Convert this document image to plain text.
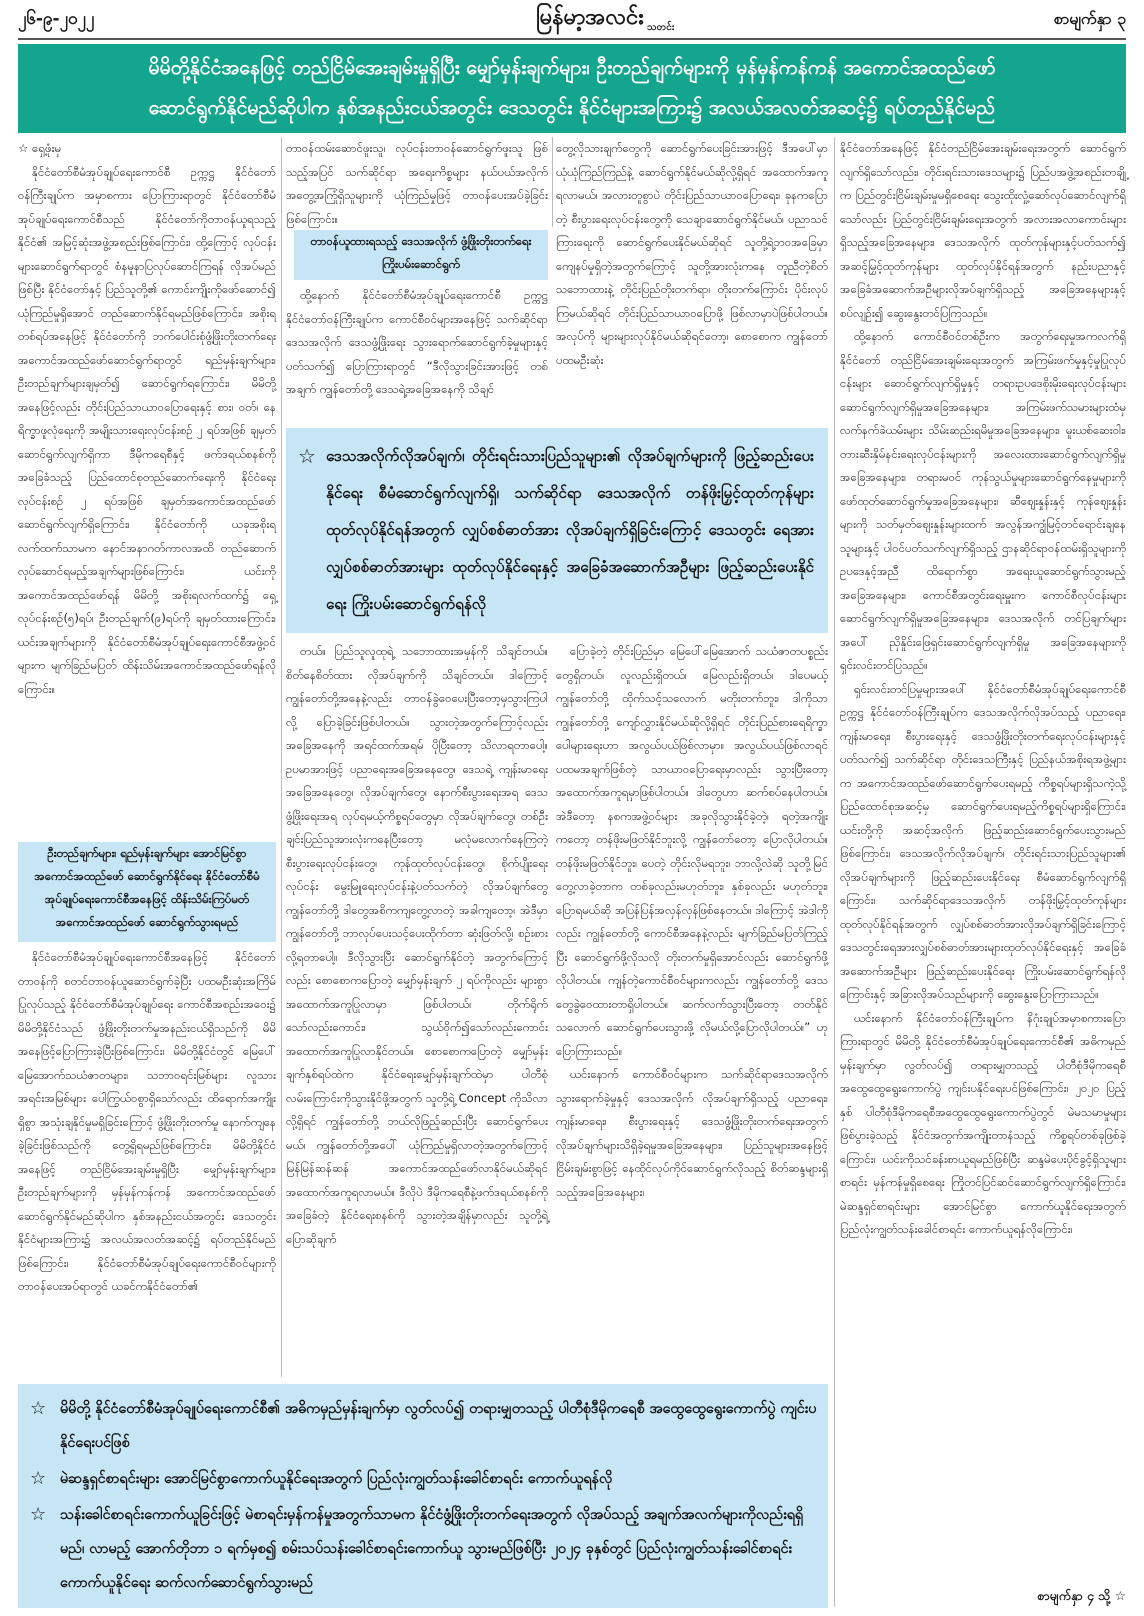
၂၆-၉-၂၀၂၂	မြန်မာ့အလင်း သတင်း	စာမျက်နှာ ၃
မိမိတို့နိုင်ငံအနေဖြင့် တည်ငြိမ်အေးချမ်းမှုရှိပြီး မျှော်မှန်းချက်များ၊ ဦးတည်ချက်များကို မှန်မှန်ကန်ကန် အကောင်အထည်ဖော်
ဆောင်ရွက်နိုင်မည်ဆိုပါက နှစ်အနည်းငယ်အတွင်း ဒေသတွင်း နိုင်ငံများအကြား၌ အလယ်အလတ်အဆင့်၌ ရပ်တည်နိုင်မည်

☆ ရှေ့ဖုံးမှ

နိုင်ငံတော်စီမံအုပ်ချုပ်ရေးကောင်စီ ဥက္ကဋ္ဌ နိုင်ငံတော်ဝန်ကြီးချုပ်က အမှာစကား ပြောကြားရာတွင် နိုင်ငံတော်စီမံအုပ်ချုပ်ရေးကောင်စီသည် နိုင်ငံတော်ကိုတာဝန်ယူရသည့် နိုင်ငံ၏ အမြင့်ဆုံးအဖွဲ့အစည်းဖြစ်ကြောင်း၊ ထို့ကြောင့် လုပ်ငန်းများဆောင်ရွက်ရာတွင် စံနမူနာပြလုပ်ဆောင်ကြရန် လိုအပ်မည်ဖြစ်ပြီး နိုင်ငံတော်နှင့် ပြည်သူတို့၏ ကောင်းကျိုးကိုဖော်ဆောင်၍ ယုံကြည်မှုရှိအောင် တည်ဆောက်နိုင်ရမည်ဖြစ်ကြောင်း၊ အစိုးရတစ်ရပ်အနေဖြင့် နိုင်ငံတော်ကို ဘက်ပေါင်းစုံဖွံ့ဖြိုးတိုးတက်ရေး အကောင်အထည်ဖော်ဆောင်ရွက်ရာတွင် ရည်မှန်းချက်များ၊ ဦးတည်ချက်များချမှတ်၍ ဆောင်ရွက်ရကြောင်း၊ မိမိတို့အနေဖြင့်လည်း တိုင်းပြည်သာယာဝပြောရေးနှင့် စား၊ ဝတ်၊ နေ ရိက္ခာဖူလုံရေးကို အမျိုးသားရေးလုပ်ငန်းစဉ် ၂ ရပ်အဖြစ် ချမှတ်ဆောင်ရွက်လျက်ရှိကာ ဒီမိုကရေစီနှင့် ဖက်ဒရယ်စနစ်ကို အခြေခံသည့် ပြည်ထောင်စုတည်ဆောက်ရေးကို နိုင်ငံရေးလုပ်ငန်းစဉ် ၂ ရပ်အဖြစ် ချမှတ်အကောင်အထည်ဖော်ဆောင်ရွက်လျက်ရှိကြောင်း၊ နိုင်ငံတော်ကို ယခုအစိုးရလက်ထက်သာမက နောင်အနာဂတ်ကာလအထိ တည်ဆောက်လုပ်ဆောင်ရမည့်အချက်များဖြစ်ကြောင်း၊ ယင်းကိုအကောင်အထည်ဖော်ရန် မိမိတို့ အစိုးရလက်ထက်၌ ရှေ့လုပ်ငန်းစဉ်(၅)ရပ်၊ ဦးတည်ချက်(၉)ရပ်ကို ချမှတ်ထားကြောင်း၊ ယင်းအချက်များကို နိုင်ငံတော်စီမံအုပ်ချုပ်ရေးကောင်စီအဖွဲ့ဝင်များက မျက်ခြည်မပြတ် ထိန်းသိမ်းအကောင်အထည်ဖော်ရန်လိုကြောင်း။

ဦးတည်ချက်များ၊ ရည်မှန်းချက်များ အောင်မြင်စွာ အကောင်အထည်ဖော် ဆောင်ရွက်နိုင်ရေး နိုင်ငံတော်စီမံအုပ်ချုပ်ရေးကောင်စီအနေဖြင့် ထိန်းသိမ်းကြပ်မတ် အကောင်အထည်ဖော် ဆောင်ရွက်သွားရမည်

နိုင်ငံတော်စီမံအုပ်ချုပ်ရေးကောင်စီအနေဖြင့် နိုင်ငံတော်တာဝန်ကို စတင်တာဝန်ယူဆောင်ရွက်ခဲ့ပြီး ပထမဦးဆုံးအကြိမ်ပြုလုပ်သည့် နိုင်ငံတော်စီမံအုပ်ချုပ်ရေး ကောင်စီအစည်းအဝေး၌ မိမိတို့နိုင်ငံသည် ဖွံ့ဖြိုးတိုးတက်မှုအနည်းငယ်ရှိသည်ကို မိမိအနေဖြင့်ပြောကြားခဲ့ပြီးဖြစ်ကြောင်း၊ မိမိတို့နိုင်ငံတွင် မြေပေါ်မြေအောက်သယံဇာတများ၊ သဘာဝရင်းမြစ်များ လူသားအရင်းအမြစ်များ ပေါကြွယ်ဝစွာရှိသော်လည်း ထိရောက်အကျိုးရှိစွာ အသုံးချနိုင်မှုမရှိခြင်းကြောင့် ဖွံ့ဖြိုးတိုးတက်မှု နောက်ကျနေခဲ့ခြင်းဖြစ်သည်ကို တွေ့ရှိရမည်ဖြစ်ကြောင်း၊ မိမိတို့နိုင်ငံအနေဖြင့် တည်ငြိမ်အေးချမ်းမှုရှိပြီး မျှော်မှန်းချက်များ၊ ဦးတည်ချက်များကို မှန်မှန်ကန်ကန် အကောင်အထည်ဖော် ဆောင်ရွက်နိုင်မည်ဆိုပါက နှစ်အနည်းငယ်အတွင်း ဒေသတွင်း နိုင်ငံများအကြား၌ အလယ်အလတ်အဆင့်၌ ရပ်တည်နိုင်မည်ဖြစ်ကြောင်း၊ နိုင်ငံတော်စီမံအုပ်ချုပ်ရေးကောင်စီဝင်များကို တာဝန်ပေးအပ်ရာတွင် ယခင်ကနိုင်ငံတော်၏

တာဝန်ထမ်းဆောင်ဖူးသူ၊ လုပ်ငန်းတာဝန်ဆောင်ရွက်ဖူးသူ ဖြစ်သည့်အပြင် သက်ဆိုင်ရာ အရေးကိစ္စများ နယ်ပယ်အလိုက် အတွေ့အကြုံရှိသူများကို ယုံကြည်မှုဖြင့် တာဝန်ပေးအပ်ခဲ့ခြင်းဖြစ်ကြောင်း။

တာဝန်ယူထားရသည့် ဒေသအလိုက် ဖွံ့ဖြိုးတိုးတက်ရေး ကြိုးပမ်းဆောင်ရွက်

ထို့နောက် နိုင်ငံတော်စီမံအုပ်ချုပ်ရေးကောင်စီ ဥက္ကဋ္ဌ နိုင်ငံတော်ဝန်ကြီးချုပ်က ကောင်စီဝင်များအနေဖြင့် သက်ဆိုင်ရာဒေသအလိုက် ဒေသဖွံ့ဖြိုးရေး သွားရောက်ဆောင်ရွက်ခဲ့မှုများနှင့် ပတ်သက်၍ ပြောကြားရာတွင် “ဒီလိုသွားခြင်းအားဖြင့် တစ်အချက် ကျွန်တော်တို့ ဒေသရဲ့အခြေအနေကို သိချင်

တွေ့လိုသားချက်တွေကို ဆောင်ရွက်ပေးခြင်းအားဖြင့် ဒီအပေါ်မှာ ယုံယုံကြည်ကြည်နဲ့ ဆောင်ရွက်နိုင်မယ်ဆိုလို့ရှိရင် အထောက်အကူရလာမယ်၊ အလားတူစွာပဲ တိုင်းပြည်သာယာဝပြောရေး၊ ခုနကပြောတဲ့ စီးပွားရေးလုပ်ငန်းတွေကို သေချာဆောင်ရွက်နိုင်မယ်၊ ပညာသင်ကြားရေးကို ဆောင်ရွက်ပေးနိုင်မယ်ဆိုရင် သူတို့ရဲ့ဘဝအခြေမှာ ကျေနပ်မှုရှိတဲ့အတွက်ကြောင့် သူတို့အားလုံးကနေ တူညီတဲ့စိတ် သဘောထားနဲ့ တိုင်းပြည်တိုးတက်ရာ၊ တိုးတက်ကြောင်း ပိုင်းလုပ်ကြမယ်ဆိုရင် တိုင်းပြည်သာယာဝပြောဖို့ ဖြစ်လာမှာပဲဖြစ်ပါတယ်။ အလုပ်ကို များများလုပ်နိုင်မယ်ဆိုရင်တော့၊ စောစောက ကျွန်တော်ပထမဦးဆုံး

☆ ဒေသအလိုက်လိုအပ်ချက်၊ တိုင်းရင်းသားပြည်သူများ၏ လိုအပ်ချက်များကို ဖြည့်ဆည်းပေးနိုင်ရေး စီမံဆောင်ရွက်လျက်ရှိ၊ သက်ဆိုင်ရာ ဒေသအလိုက် တန်ဖိုးမြှင့်ထုတ်ကုန်များ ထုတ်လုပ်နိုင်ရန်အတွက် လျှပ်စစ်ဓာတ်အား လိုအပ်ချက်ရှိခြင်းကြောင့် ဒေသတွင်း ရေအားလျှပ်စစ်ဓာတ်အားများ ထုတ်လုပ်နိုင်ရေးနှင့် အခြေခံအဆောက်အဦများ ဖြည့်ဆည်းပေးနိုင်ရေး ကြိုးပမ်းဆောင်ရွက်ရန်လို

တယ်။ ပြည်သူလူထုရဲ့ သဘောထားအမှန်ကို သိချင်တယ်။ စိတ်နေစိတ်ထား လိုအပ်ချက်ကို သိချင်တယ်။ ဒါကြောင့် ကျွန်တော်တို့အနေနဲ့လည်း တာဝန်ခွဲဝေပေးပြီးတော့မှသွားကြပါလို့ ပြောခဲ့ခြင်းဖြစ်ပါတယ်။ သွားတဲ့အတွက်ကြောင့်လည်း အခြေအနေကို အရင်ထက်အရမ် ပိုပြီးတော့ သိလာရတာပေါ့။ ဥပမာအားဖြင့် ပညာရေးအခြေအနေတွေ၊ ဒေသရဲ့ ကျန်းမာရေးအခြေအနေတွေ၊ လိုအပ်ချက်တွေ၊ နောက်စီးပွားရေးအရ ဒေသဖွံ့ဖြိုးရေးအရ လုပ်ရမယ့်ကိစ္စရပ်တွေမှာ လိုအပ်ချက်တွေ၊ တစ်ဦးချင်းပြည်သူအားလုံးကနေပြီးတော့ မလုံမလောက်နေကြတဲ့ စီးပွားရေးလုပ်ငန်းတွေ၊ ကုန်ထုတ်လုပ်ငန်းတွေ၊ စိုက်ပျိုးရေးလုပ်ငန်း မွေးမြူရေးလုပ်ငန်းနဲ့ပတ်သက်တဲ့ လိုအပ်ချက်တွေကျွန်တော်တို့ ဒါတွေအစိကကျတွေ့လာတဲ့ အခါကျတော့၊ အဲဒီမှာ ကျွန်တော်တို့ ဘာလုပ်ပေးသင့်ပေးထိုက်တာ ဆုံးဖြတ်လို့၊ စဉ်းစားလို့ရတာပေါ့။ ဒီလိုသွားပြီး ဆောင်ရွက်နိုင်တဲ့ အတွက်ကြောင့်လည်း စောစောကပြောတဲ့ မျှော်မှန်းချက် ၂ ရပ်ကိုလည်း များစွာ အထောက်အကူပြုလာမှာ ဖြစ်ပါတယ်၊ တိုက်ရိုက်သော်လည်းကောင်း၊ သွယ်ဝိုက်၍သော်လည်းကောင်း အထောက်အကူပြုလာနိုင်တယ်။ စောစောကပြောတဲ့ မျှော်မှန်းချက်နှစ်ရပ်ထဲက နိုင်ငံရေးမျှော်မှန်းချက်ထဲမှာ ပါတီစုံလမ်းကြောင်းကိုသွားနိုင်ဖို့အတွက် သူတို့ရဲ့ Concept ကိုသိလာလို့ရှိရင် ကျွန်တော်တို့ ဘယ်လိုဖြည့်ဆည်းပြီး ဆောင်ရွက်ပေးမယ်၊ ကျွန်တော်တို့အပေါ် ယုံကြည်မှုရှိလာတဲ့အတွက်ကြောင့် မြန်မြန်ဆန်ဆန် အကောင်အထည်ဖော်လာနိုင်မယ်ဆိုရင် အထောက်အကူရလာမယ်။ ဒီလိုပဲ ဒီမိုကရေစီနဲ့ဖက်ဒရယ်စနစ်ကိုအခြေခံတဲ့ နိုင်ငံရေးစနစ်ကို သွားတဲ့အချိန်မှာလည်း သူတို့ရဲ့ပြောဆိုချက်

ပြောခဲ့တဲ့ တိုင်းပြည်မှာ မြေပေါ်မြေအောက် သယံဇာတပစ္စည်းတွေရှိတယ်၊ လူလည်းရှိတယ်၊ မြေလည်းရှိတယ်၊ ဒါပေမယ့် ကျွန်တော်တို့ ထိုက်သင့်သလောက် မတိုးတက်ဘူး၊ ဒါကိုသာကျွန်တော်တို့ ကျော်လွှားနိုင်မယ်ဆိုလို့ရှိရင် တိုင်းပြည်စားရေရိက္ခာပေါများရေးဟာ အလွယ်ပယ်ဖြစ်လာမှာ။ အလွယ်ပယ်ဖြစ်လာရင် ပထမအချက်ဖြစ်တဲ့ သာယာဝပြောရေးမှာလည်း သွားပြီးတော့ အထောက်အကူရမှာဖြစ်ပါတယ်။ ဒါတွေဟာ ဆက်စပ်နေပါတယ်။ အဲဒီတော့ နစကအဖွဲ့ဝင်များ အခုလိုသွားနိုင်ခဲ့တဲ့၊ ရတဲ့အကျိုးကတော့ တန်ဖိုးမဖြတ်နိုင်ဘူးလို့ ကျွန်တော်တော့ ပြောလိုပါတယ်။ တန်ဖိုးမဖြတ်နိုင်ဘူး၊ ပေတဲ့ တိုင်းလိုမရဘူး၊ ဘာလို့လဲဆို သူတို့မြင်တွေ့လာခဲ့တာက တစ်ခုလည်းမဟုတ်ဘူး၊ နှစ်ခုလည်း မဟုတ်ဘူး၊ ပြောရမယ်ဆို အပြန်ပြန်အလှန်လှန်ဖြစ်နေတယ်။ ဒါကြောင့် အဲဒါကိုလည်း ကျွန်တော်တို့ ကောင်စီအနေနဲ့လည်း မျက်ခြည်မပြတ်ကြည့်ပြီး ဆောင်ရွက်ဖို့လိုသလို တိုးတက်မှုရှိအောင်လည်း ဆောင်ရွက်ဖို့လိုပါတယ်။ ကျန်တဲ့ကောင်စီဝင်များကလည်း ကျွန်တော်တို့ ဒေသတွေခွဲဝေထားတာရှိပါတယ်။ ဆက်လက်သွားပြီးတော့ တတ်နိုင်သလောက် ဆောင်ရွက်ပေးသွားဖို့ လိုမယ်လို့ပြောလိုပါတယ်။” ဟုပြောကြားသည်။

ယင်းနောက် ကောင်စီဝင်များက သက်ဆိုင်ရာဒေသအလိုက် သွားရောက်ခဲ့မှုနှင့် ဒေသအလိုက် လိုအပ်ချက်ရှိသည့် ပညာရေး၊ ကျန်းမာရေး၊ စီးပွားရေးနှင့် ဒေသဖွံ့ဖြိုးတိုးတက်ရေးအတွက် လိုအပ်ချက်များသိရှိခဲ့ရမှုအခြေအနေများ၊ ပြည်သူများအနေဖြင့် ငြိမ်းချမ်းစွာဖြင့် နေထိုင်လုပ်ကိုင်ဆောင်ရွက်လိုသည့် စိတ်ဆန္ဒများရှိသည့်အခြေအနေများ၊

နိုင်ငံတော်အနေဖြင့် နိုင်ငံတည်ငြိမ်အေးချမ်းရေးအတွက် ဆောင်ရွက်လျက်ရှိသော်လည်း၊ တိုင်းရင်းသားဒေသများ၌ ပြည်ပအဖွဲ့အစည်းတချို့က ပြည်တွင်းငြိမ်းချမ်းမှုမရှိစေရေး သွေးထိုးလှုံ့ဆော်လုပ်ဆောင်လျက်ရှိသော်လည်း ပြည်တွင်းငြိမ်းချမ်းရေးအတွက် အလားအလာကောင်းများရှိသည့်အခြေအနေများ၊ ဒေသအလိုက် ထုတ်ကုန်များနှင့်ပတ်သက်၍ အဆင့်မြှင့်ထုတ်ကုန်များ ထုတ်လုပ်နိုင်ရန်အတွက် နည်းပညာနှင့် အခြေခံအဆောက်အဦများလိုအပ်ချက်ရှိသည့် အခြေအနေများနှင့်စပ်လျဉ်း၍ ဆွေးနွေးတင်ပြကြသည်။

ထို့နောက် ကောင်စီဝင်တစ်ဦးက အတွက်ရေးမှုအကလက်ရှိနိုင်ငံတော် တည်ငြိမ်အေးချမ်းရေးအတွက် အကြမ်းဖက်မှုနှင့်မှုပြုလုပ်ငန်းများ ဆောင်ရွက်လျက်ရှိမှုနှင့် တရားဥပဒေစိုးမိုးရေးလုပ်ငန်းများ ဆောင်ရွက်လျက်ရှိမှုအခြေအနေများ၊ အကြမ်းဖက်သမားများထံမှ လက်နက်ခဲယမ်းများ သိမ်းဆည်းရမိမှုအခြေအနေများ၊ မူးယစ်ဆေးဝါး၊ တားဆီးနှိမ်နင်းရေးလုပ်ငန်းများကို အလေးထားဆောင်ရွက်လျက်ရှိမှုအခြေအနေများ၊ တရားမဝင် ကုန်သွယ်မှုများဆောင်ရွက်နေမှုများကို ဖော်ထုတ်ဆောင်ရွက်မှုအခြေအနေများ၊ ဆီဈေးနှုန်းနှင့် ကုန်ဈေးနှုန်းများကို သတ်မှတ်ဈေးနှုန်းများထက် အလွန်အကျွံမြင့်တင်ရောင်းချနေသူများနှင့် ပါဝင်ပတ်သက်လျက်ရှိသည့် ဌာနဆိုင်ရာဝန်ထမ်းရှိသူများကို ဥပဒေနှင့်အညီ ထိရောက်စွာ အရေးယူဆောင်ရွက်သွားမည့် အခြေအနေများ၊ ကောင်စီအတွင်းရေးမှူးက ကောင်စီလုပ်ငန်းများ ဆောင်ရွက်လျက်ရှိမှုအခြေအနေများ၊ ဒေသအလိုက် တင်ပြချက်များအပေါ် ညှိနှိုင်းဖြေရှင်းဆောင်ရွက်လျက်ရှိမှု အခြေအနေများကို ရှင်းလင်းတင်ပြသည်။

ရှင်းလင်းတင်ပြမှုများအပေါ် နိုင်ငံတော်စီမံအုပ်ချုပ်ရေးကောင်စီဥက္ကဋ္ဌ နိုင်ငံတော်ဝန်ကြီးချုပ်က ဒေသအလိုက်လိုအပ်သည့် ပညာရေး၊ ကျန်းမာရေး၊ စီးပွားရေးနှင့် ဒေသဖွံ့ဖြိုးတိုးတက်ရေးလုပ်ငန်းများနှင့်ပတ်သက်၍ သက်ဆိုင်ရာ တိုင်းဒေသကြီးနှင့် ပြည်နယ်အစိုးရအဖွဲ့များက အကောင်အထည်ဖော်ဆောင်ရွက်ပေးရမည့် ကိစ္စရပ်များရှိသကဲ့သို့ ပြည်ထောင်စုအဆင့်မှ ဆောင်ရွက်ပေးရမည့်ကိစ္စရပ်များရှိကြောင်း၊ ယင်းတို့ကို အဆင့်အလိုက် ဖြည့်ဆည်းဆောင်ရွက်ပေးသွားမည်ဖြစ်ကြောင်း၊ ဒေသအလိုက်လိုအပ်ချက်၊ တိုင်းရင်းသားပြည်သူများ၏ လိုအပ်ချက်များကို ဖြည့်ဆည်းပေးနိုင်ရေး စီမံဆောင်ရွက်လျက်ရှိကြောင်း၊ သက်ဆိုင်ရာဒေသအလိုက် တန်ဖိုးမြှင့်ထုတ်ကုန်များ ထုတ်လုပ်နိုင်ရန်အတွက် လျှပ်စစ်ဓာတ်အားလိုအပ်ချက်ရှိခြင်းကြောင့် ဒေသတွင်းရေအားလျှပ်စစ်ဓာတ်အားများထုတ်လုပ်နိုင်ရေးနှင့် အခြေခံအဆောက်အဦများ ဖြည့်ဆည်းပေးနိုင်ရေး ကြိုးပမ်းဆောင်ရွက်ရန်လိုကြောင်းနှင့် အခြားလိုအပ်သည်များကို ဆွေးနွေးပြောကြားသည်။

ယင်းနောက် နိုင်ငံတော်ဝန်ကြီးချုပ်က နိဂုံးချုပ်အမှာစကားပြောကြားရာတွင် မိမိတို့ နိုင်ငံတော်စီမံအုပ်ချုပ်ရေးကောင်စီ၏ အဓိကမှည်မှန်းချက်မှာ လွတ်လပ်၍ တရားမျှတသည့် ပါတီစုံဒီမိုကရေစီ အထွေထွေရွေးကောက်ပွဲ ကျင်းပနိုင်ရေးပင်ဖြစ်ကြောင်း၊ ၂၀၂၀ ပြည့်နှစ် ပါတီစုံဒီမိုကရေစီအထွေထွေရွေးကောက်ပွဲတွင် မဲမသမာမှုများဖြစ်ပွားခဲ့သည့် နိုင်ငံအတွက်အကျိုးတာနံသည့် ကိစ္စရပ်တစ်ခုဖြစ်ခဲ့ကြောင်း၊ ယင်းကိုသင်ခန်းစာယူရမည်ဖြစ်ပြီး ဆန္ဒမဲပေးပိုင်ခွင့်ရှိသူများစာရင်း မှန်ကန်မှုရှိစေရေး ကြိုတင်ပြင်ဆင်ဆောင်ရွက်လျက်ရှိကြောင်း၊ မဲဆန္ဒရှင်စာရင်းများ အောင်မြင်စွာ ကောက်ယူနိုင်ရေးအတွက် ပြည်လုံးကျွတ်သန်းခေါင်စာရင်း ကောက်ယူရန်လိုကြောင်း၊

☆ မိမိတို့ နိုင်ငံတော်စီမံအုပ်ချုပ်ရေးကောင်စီ၏ အဓိကမှည်မှန်းချက်မှာ လွတ်လပ်၍ တရားမျှတသည့် ပါတီစုံဒီမိုကရေစီ အထွေထွေရွေးကောက်ပွဲ ကျင်းပနိုင်ရေးပင်ဖြစ်
☆ မဲဆန္ဒရှင်စာရင်းများ အောင်မြင်စွာကောက်ယူနိုင်ရေးအတွက် ပြည်လုံးကျွတ်သန်းခေါင်စာရင်း ကောက်ယူရန်လို
☆ သန်းခေါင်စာရင်းကောက်ယူခြင်းဖြင့် မဲစာရင်းမှန်ကန်မှုအတွက်သာမက နိုင်ငံဖွံ့ဖြိုးတိုးတက်ရေးအတွက် လိုအပ်သည့် အချက်အလက်များကိုလည်းရရှိမည်၊ လာမည့် အောက်တိုဘာ ၁ ရက်မှစ၍ စမ်းသပ်သန်းခေါင်စာရင်းကောက်ယူ သွားမည်ဖြစ်ပြီး ၂၀၂၄ ခုနှစ်တွင် ပြည်လုံးကျွတ်သန်းခေါင်စာရင်းကောက်ယူနိုင်ရေး ဆက်လက်ဆောင်ရွက်သွားမည်
စာမျက်နှာ ၄ သို့ ☆
